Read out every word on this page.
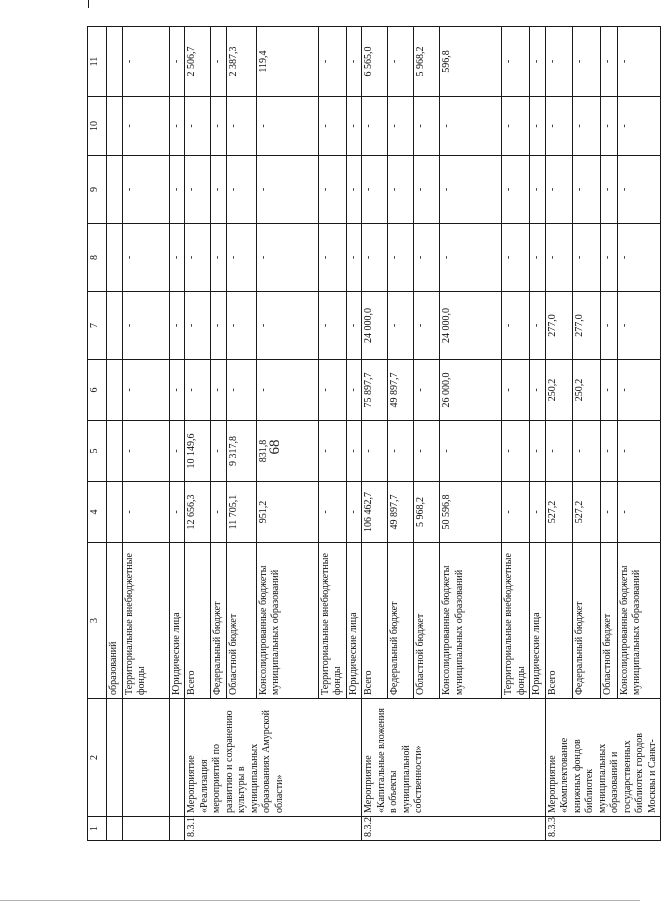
68
1	2	3	4	5	6	7	8	9	10	11
		образований								
		Территориальные внебюджетные фонды	-	-	-	-	-	-	-	-
		Юридические лица	-	-	-	-	-	-	-	-
8.3.1	Мероприятие «Реализация мероприятий по развитию и сохранению культуры в муниципальных образованиях Амурской области»	Всего	12 656,3	10 149,6	-	-	-	-	-	2 506,7
		Федеральный бюджет	-	-	-	-	-	-	-	-
		Областной бюджет	11 705,1	9 317,8	-	-	-	-	-	2 387,3
		Консолидированные бюджеты муниципальных образований	951,2	831,8	-	-	-	-	-	119,4
		Территориальные внебюджетные фонды	-	-	-	-	-	-	-	-
		Юридические лица	-	-	-	-	-	-	-	-
8.3.2	Мероприятие «Капитальные вложения в объекты муниципальной собственности»	Всего	106 462,7	-	75 897,7	24 000,0	-	-	-	6 565,0
		Федеральный бюджет	49 897,7	-	49 897,7	-	-	-	-	-
		Областной бюджет	5 968,2	-	-	-	-	-	-	5 968,2
		Консолидированные бюджеты муниципальных образований	50 596,8	-	26 000,0	24 000,0	-	-	-	596,8
		Территориальные внебюджетные фонды	-	-	-	-	-	-	-	-
		Юридические лица	-	-	-	-	-	-	-	-
8.3.3	Мероприятие «Комплектование книжных фондов библиотек муниципальных образований и государственных библиотек городов Москвы и Санкт-	Всего	527,2	-	250,2	277,0	-	-	-	-
		Федеральный бюджет	527,2	-	250,2	277,0	-	-	-	-
		Областной бюджет	-	-	-	-	-	-	-	-
		Консолидированные бюджеты муниципальных образований	-	-	-	-	-	-	-	-
